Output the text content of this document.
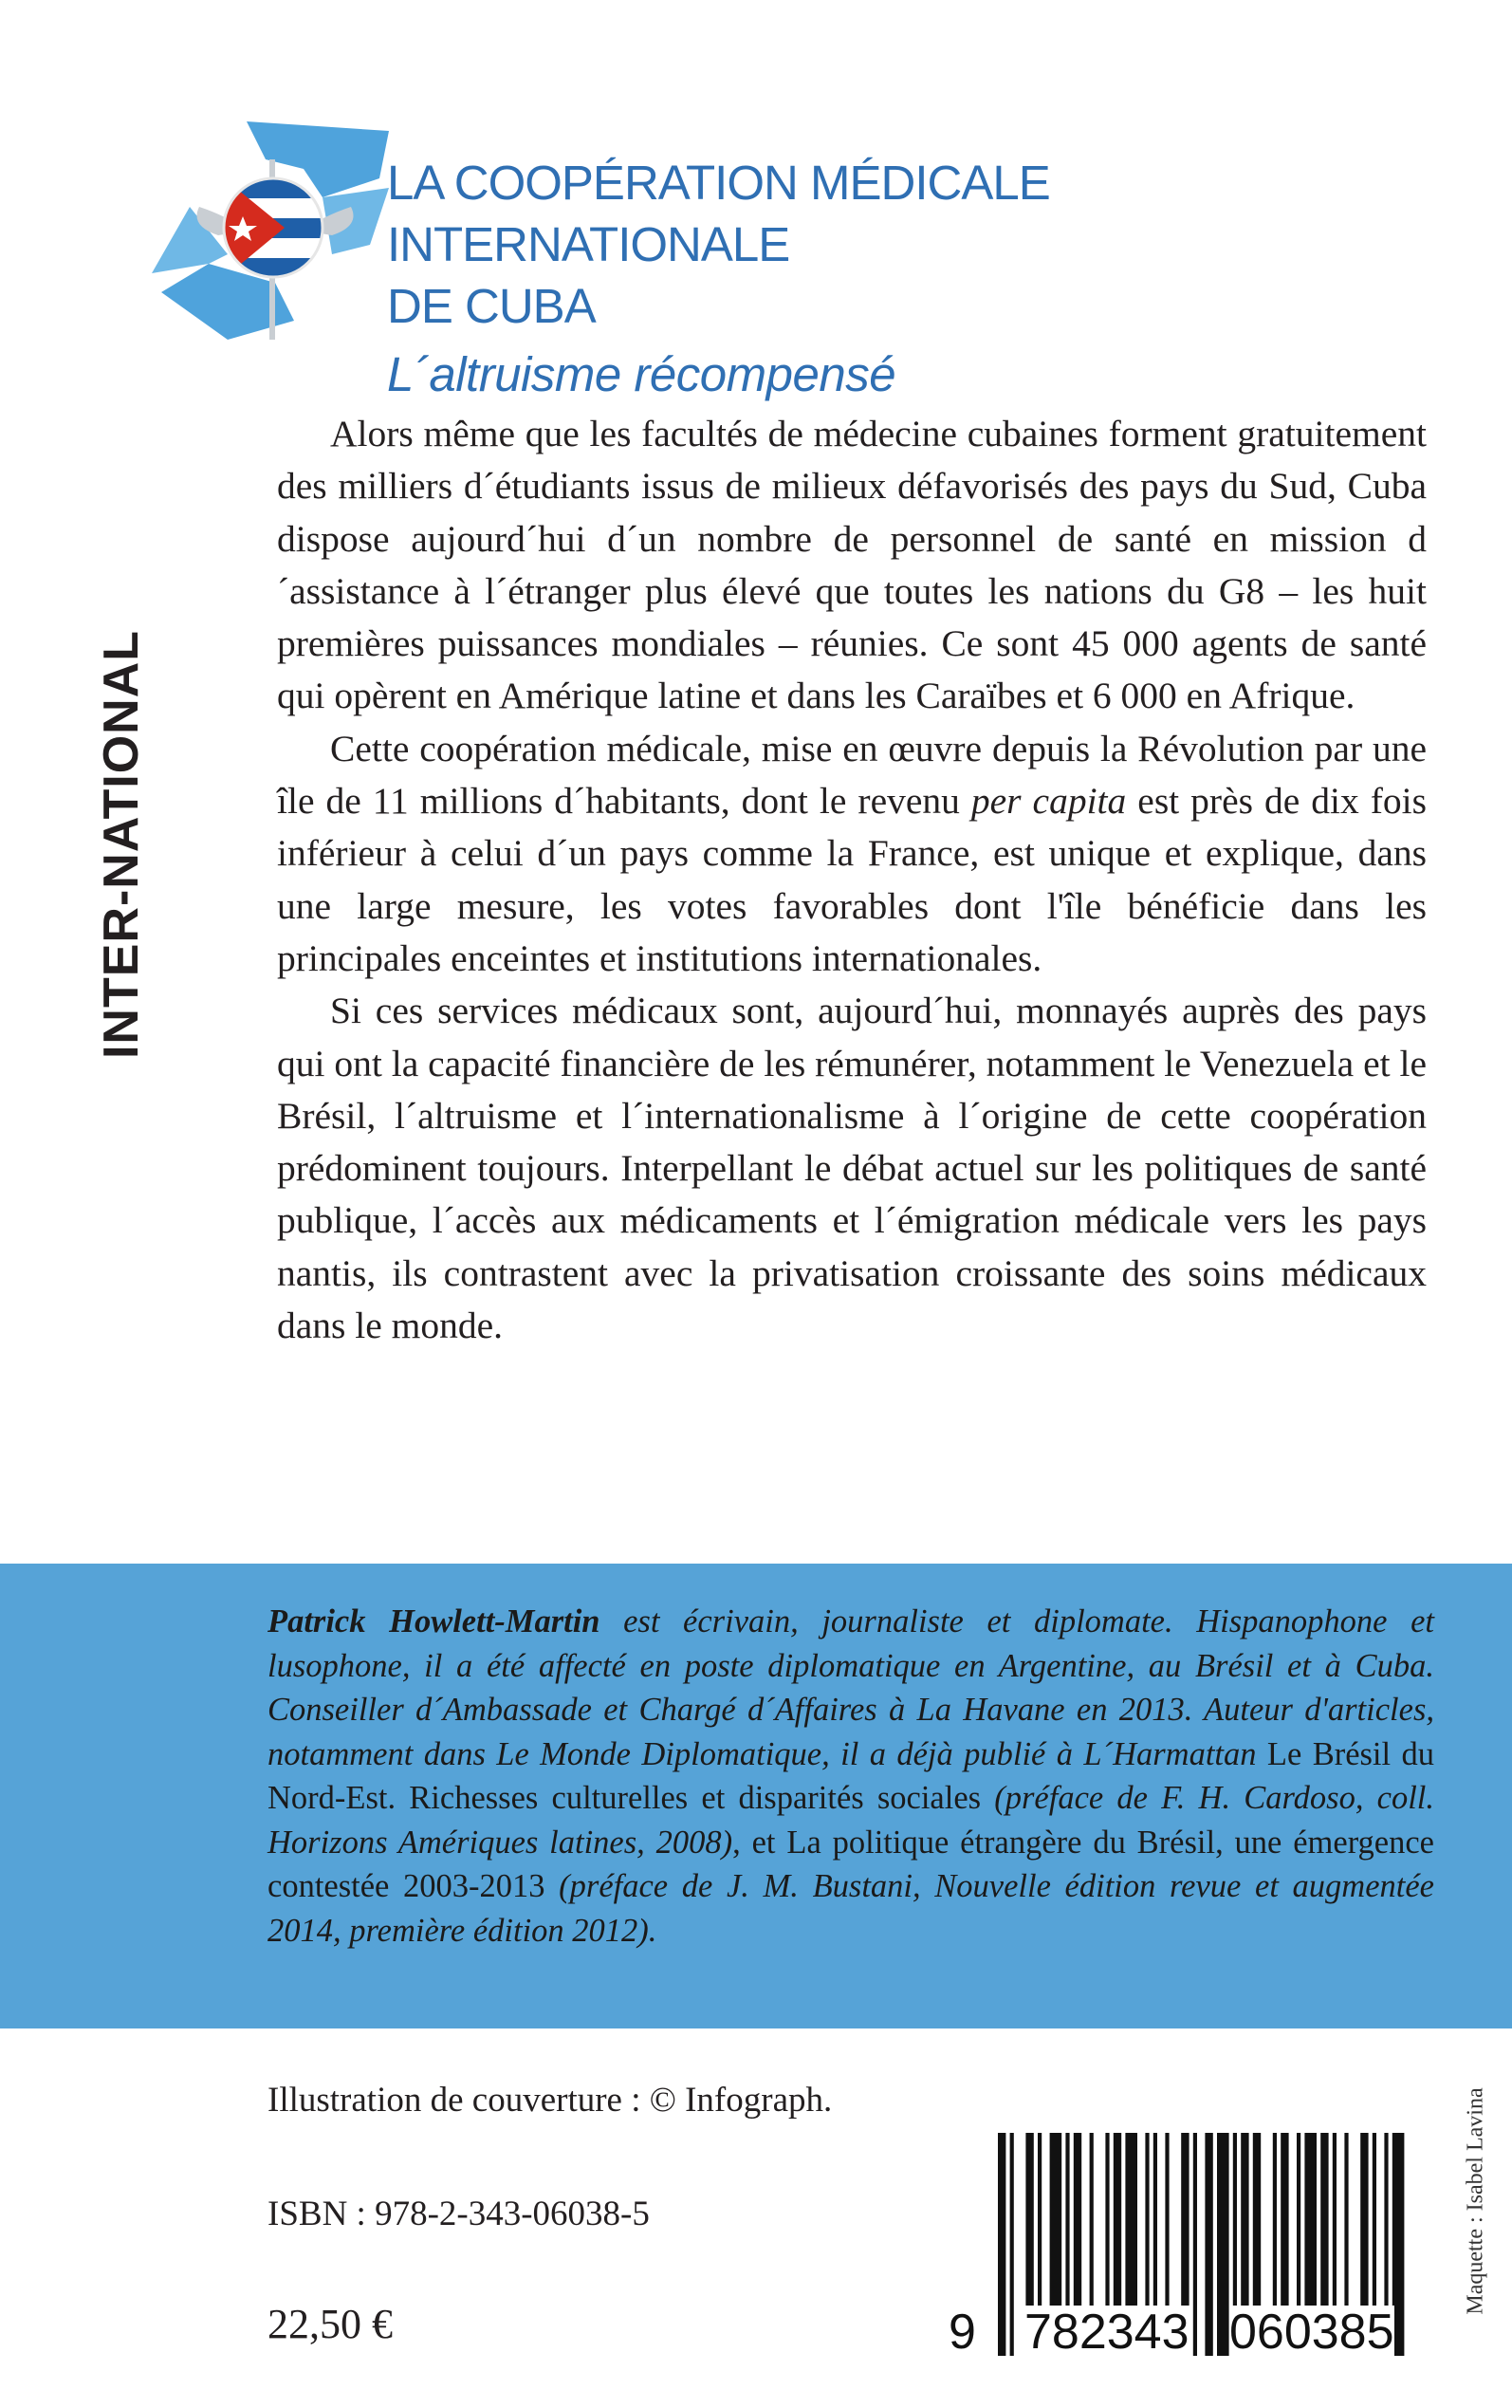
LA COOPÉRATION MÉDICALE INTERNATIONALE
DE CUBA
L´altruisme récompensé
INTER-NATIONAL

Alors même que les facultés de médecine cubaines forment gratuitement des milliers d´étudiants issus de milieux défavorisés des pays du Sud, Cuba dispose aujourd´hui d´un nombre de personnel de santé en mission d´assistance à l´étranger plus élevé que toutes les nations du G8 – les huit premières puissances mondiales – réunies. Ce sont 45 000 agents de santé qui opèrent en Amérique latine et dans les Caraïbes et 6 000 en Afrique.

Cette coopération médicale, mise en œuvre depuis la Révolution par une île de 11 millions d´habitants, dont le revenu per capita est près de dix fois inférieur à celui d´un pays comme la France, est unique et explique, dans une large mesure, les votes favorables dont l'île bénéficie dans les principales enceintes et institutions internationales.

Si ces services médicaux sont, aujourd´hui, monnayés auprès des pays qui ont la capacité financière de les rémunérer, notamment le Venezuela et le Brésil, l´altruisme et l´internationalisme à l´origine de cette coopération prédominent toujours. Interpellant le débat actuel sur les politiques de santé publique, l´accès aux médicaments et l´émigration médicale vers les pays nantis, ils contrastent avec la privatisation croissante des soins médicaux dans le monde.

Patrick Howlett-Martin est écrivain, journaliste et diplomate. Hispanophone et lusophone, il a été affecté en poste diplomatique en Argentine, au Brésil et à Cuba. Conseiller d´Ambassade et Chargé d´Affaires à La Havane en 2013. Auteur d'articles, notamment dans Le Monde Diplomatique, il a déjà publié à L´Harmattan Le Brésil du Nord-Est. Richesses culturelles et disparités sociales (préface de F. H. Cardoso, coll. Horizons Amériques latines, 2008), et La politique étrangère du Brésil, une émergence contestée 2003-2013 (préface de J. M. Bustani, Nouvelle édition revue et augmentée 2014, première édition 2012).
Illustration de couverture : © Infograph.
ISBN : 978-2-343-06038-5
22,50 €
Maquette : Isabel Lavina
9 782343 060385
